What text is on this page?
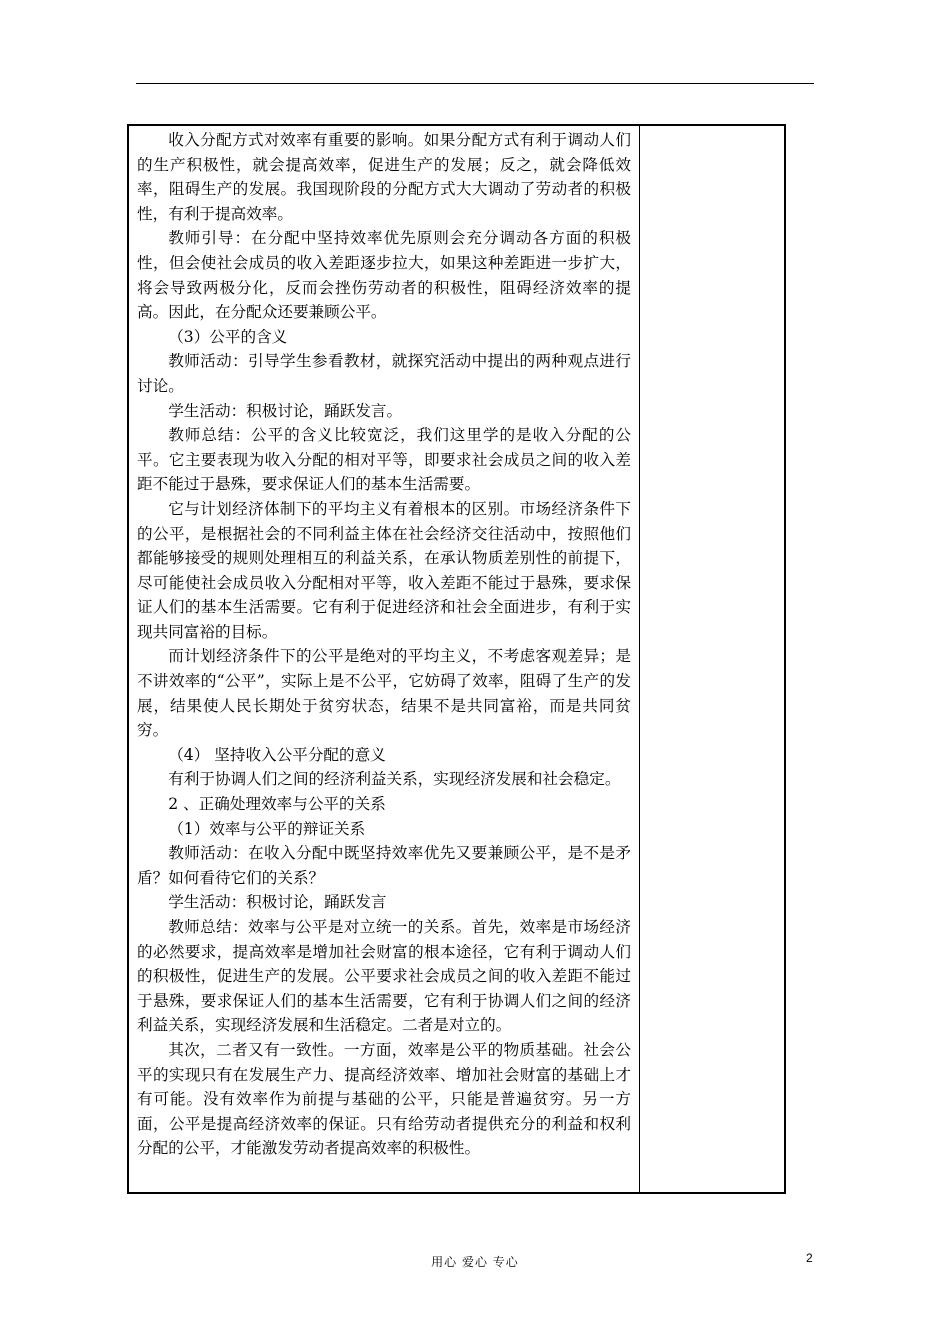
收入分配方式对效率有重要的影响。如果分配方式有利于调动人们的生产积极性，就会提高效率，促进生产的发展；反之，就会降低效率，阻碍生产的发展。我国现阶段的分配方式大大调动了劳动者的积极性，有利于提高效率。

教师引导：在分配中坚持效率优先原则会充分调动各方面的积极性，但会使社会成员的收入差距逐步拉大，如果这种差距进一步扩大，将会导致两极分化，反而会挫伤劳动者的积极性，阻碍经济效率的提高。因此，在分配众还要兼顾公平。

（3）公平的含义

教师活动：引导学生参看教材，就探究活动中提出的两种观点进行讨论。

学生活动：积极讨论，踊跃发言。

教师总结：公平的含义比较宽泛，我们这里学的是收入分配的公平。它主要表现为收入分配的相对平等，即要求社会成员之间的收入差距不能过于悬殊，要求保证人们的基本生活需要。

它与计划经济体制下的平均主义有着根本的区别。市场经济条件下的公平，是根据社会的不同利益主体在社会经济交往活动中，按照他们都能够接受的规则处理相互的利益关系，在承认物质差别性的前提下，尽可能使社会成员收入分配相对平等，收入差距不能过于悬殊，要求保证人们的基本生活需要。它有利于促进经济和社会全面进步，有利于实现共同富裕的目标。

而计划经济条件下的公平是绝对的平均主义，不考虑客观差异；是不讲效率的“公平”，实际上是不公平，它妨碍了效率，阻碍了生产的发展，结果使人民长期处于贫穷状态，结果不是共同富裕，而是共同贫穷。

（4） 坚持收入公平分配的意义

有利于协调人们之间的经济利益关系，实现经济发展和社会稳定。

2 、正确处理效率与公平的关系

（1）效率与公平的辩证关系

教师活动：在收入分配中既坚持效率优先又要兼顾公平，是不是矛盾？如何看待它们的关系？

学生活动：积极讨论，踊跃发言

教师总结：效率与公平是对立统一的关系。首先，效率是市场经济的必然要求，提高效率是增加社会财富的根本途径，它有利于调动人们的积极性，促进生产的发展。公平要求社会成员之间的收入差距不能过于悬殊，要求保证人们的基本生活需要，它有利于协调人们之间的经济利益关系，实现经济发展和生活稳定。二者是对立的。

其次，二者又有一致性。一方面，效率是公平的物质基础。社会公平的实现只有在发展生产力、提高经济效率、增加社会财富的基础上才有可能。没有效率作为前提与基础的公平，只能是普遍贫穷。另一方面，公平是提高经济效率的保证。只有给劳动者提供充分的利益和权利分配的公平，才能激发劳动者提高效率的积极性。

用心 爱心 专心	2
